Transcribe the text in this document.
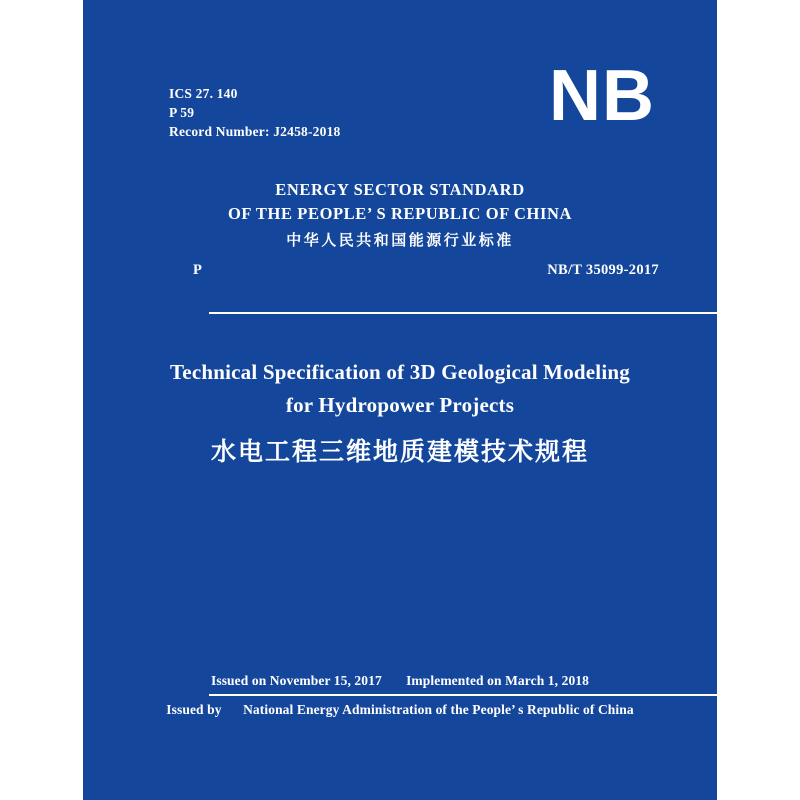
ICS 27. 140
P 59
Record Number: J2458-2018	NB
ENERGY SECTOR STANDARD
OF THE PEOPLE’ S REPUBLIC OF CHINA
中华人民共和国能源行业标准
P	NB/T 35099-2017
Technical Specification of 3D Geological Modeling
for Hydropower Projects
水电工程三维地质建模技术规程
Issued on November 15, 2017 Implemented on March 1, 2018
Issued by National Energy Administration of the People’ s Republic of China
